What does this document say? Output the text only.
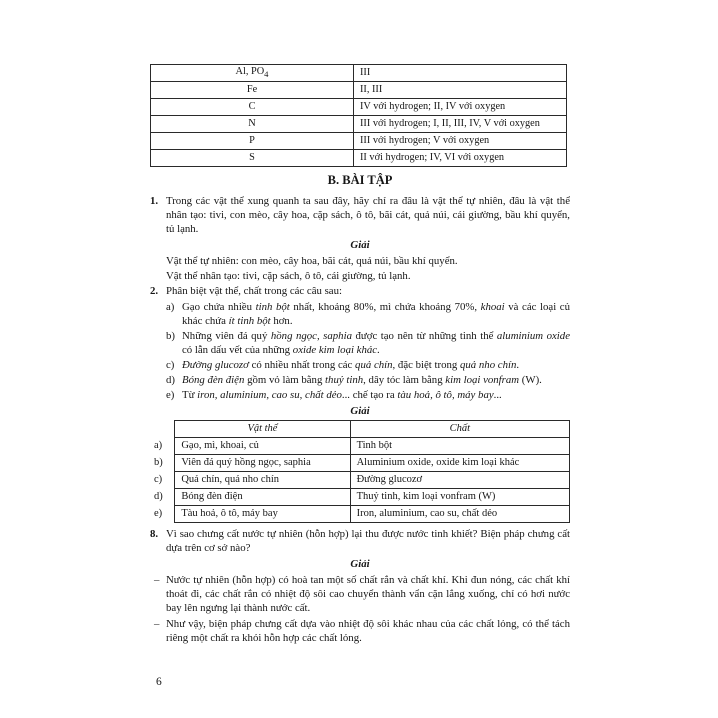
Al, $PO_4$	III
Fe	II, III
C	IV với hydrogen; II, IV với oxygen
N	III với hydrogen; I, II, III, IV, V với oxygen
P	III với hydrogen; V với oxygen
S	II với hydrogen; IV, VI với oxygen
B. BÀI TẬP
1. Trong các vật thể xung quanh ta sau đây, hãy chỉ ra đâu là vật thể tự nhiên, đâu là vật thể nhân tạo: tivi, con mèo, cây hoa, cặp sách, ô tô, bãi cát, quả núi, cái giường, bầu khí quyển, tủ lạnh.
Giải
Vật thể tự nhiên: con mèo, cây hoa, bãi cát, quả núi, bầu khí quyển.
Vật thể nhân tạo: tivi, cặp sách, ô tô, cái giường, tủ lạnh.
2. Phân biệt vật thể, chất trong các câu sau:
a) Gạo chứa nhiều tinh bột nhất, khoảng 80%, mì chứa khoảng 70%, khoai và các loại củ khác chứa ít tinh bột hơn.
b) Những viên đá quý hồng ngọc, saphia được tạo nên từ những tinh thể aluminium oxide có lẫn dấu vết của những oxide kim loại khác.
c) Đường glucozơ có nhiều nhất trong các quả chín, đặc biệt trong quả nho chín.
d) Bóng đèn điện gồm vỏ làm bằng thuỷ tinh, dây tóc làm bằng kim loại vonfram (W).
e) Từ iron, aluminium, cao su, chất dẻo... chế tạo ra tàu hoả, ô tô, máy bay...
Giải
	Vật thể	Chất
a)	Gạo, mì, khoai, củ	Tinh bột
b)	Viên đá quý hồng ngọc, saphia	Aluminium oxide, oxide kim loại khác
c)	Quả chín, quả nho chín	Đường glucozơ
d)	Bóng đèn điện	Thuỷ tinh, kim loại vonfram (W)
e)	Tàu hoả, ô tô, máy bay	Iron, aluminium, cao su, chất dẻo
8. Vì sao chưng cất nước tự nhiên (hỗn hợp) lại thu được nước tinh khiết? Biện pháp chưng cất dựa trên cơ sở nào?
Giải
– Nước tự nhiên (hỗn hợp) có hoà tan một số chất rắn và chất khí. Khi đun nóng, các chất khí thoát đi, các chất rắn có nhiệt độ sôi cao chuyển thành vẩn cặn lắng xuống, chỉ có hơi nước bay lên ngưng lại thành nước cất.
– Như vậy, biện pháp chưng cất dựa vào nhiệt độ sôi khác nhau của các chất lỏng, có thể tách riêng một chất ra khỏi hỗn hợp các chất lỏng.
6
